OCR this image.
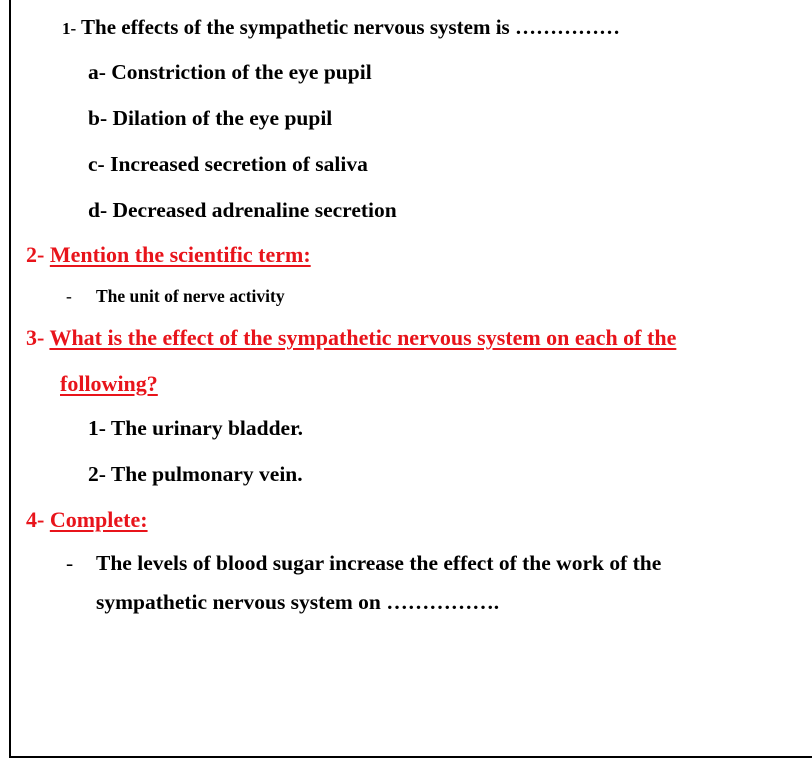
1- The effects of the sympathetic nervous system is ……………
a- Constriction of the eye pupil
b- Dilation of the eye pupil
c- Increased secretion of saliva
d- Decreased adrenaline secretion
2- Mention the scientific term:
- The unit of nerve activity
3- What is the effect of the sympathetic nervous system on each of the
following?
1- The urinary bladder.
2- The pulmonary vein.
4- Complete:
- The levels of blood sugar increase the effect of the work of the
sympathetic nervous system on …………….
